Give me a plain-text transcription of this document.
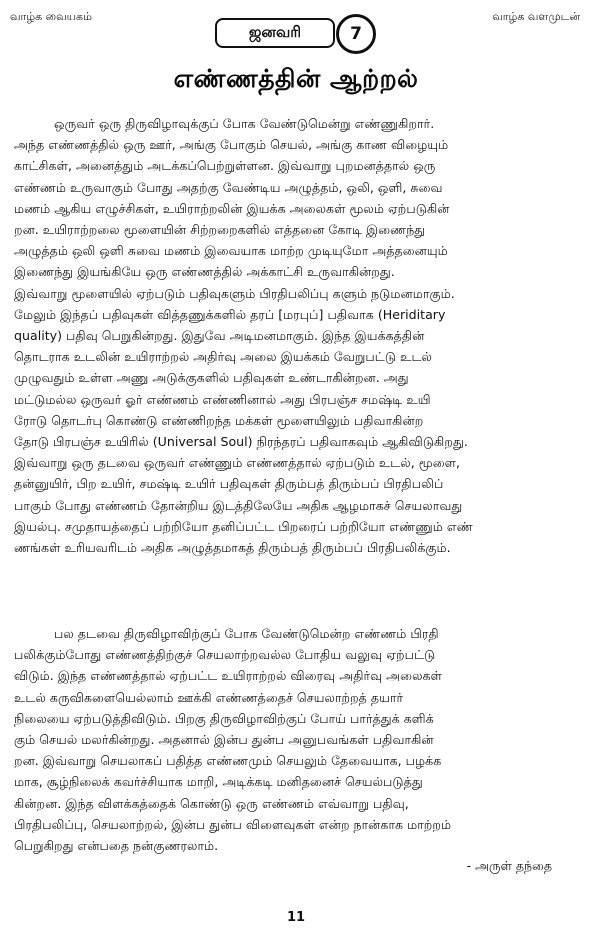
வாழ்க வையகம்
ஜனவரி	7
வாழ்க வளமுடன்
எண்ணத்தின் ஆற்றல்
ஒருவர் ஒரு திருவிழாவுக்குப் போக வேண்டுமென்று எண்ணுகிறார்.
அந்த எண்ணத்தில் ஒரு ஊர், அங்கு போகும் செயல், அங்கு காண விழையும்
காட்சிகள், அனைத்தும் அடக்கப்பெற்றுள்ளன. இவ்வாறு புறமனத்தால் ஒரு
எண்ணம் உருவாகும் போது அதற்கு வேண்டிய அழுத்தம், ஒலி, ஒளி, சுவை
மணம் ஆகிய எழுச்சிகள், உயிராற்றலின் இயக்க அலைகள் மூலம் ஏற்படுகின்
றன. உயிராற்றலை மூளையின் சிற்றறைகளில் எத்தனை கோடி இணைந்து
அழுத்தம் ஒலி ஒளி சுவை மணம் இவையாக மாற்ற முடியுமோ அத்தனையும்
இணைந்து இயங்கியே ஒரு எண்ணத்தில் அக்காட்சி உருவாகின்றது.
இவ்வாறு மூளையில் ஏற்படும் பதிவுகளும் பிரதிபலிப்பு களும் நடுமனமாகும்.
மேலும் இந்தப் பதிவுகள் வித்தணுக்களில் தரப் [மரபுப்] பதிவாக (Heriditary
quality) பதிவு பெறுகின்றது. இதுவே அடிமனமாகும். இந்த இயக்கத்தின்
தொடராக உடலின் உயிராற்றல் அதிர்வு அலை இயக்கம் வேறுபட்டு உடல்
முழுவதும் உள்ள அணு அடுக்குகளில் பதிவுகள் உண்டாகின்றன. அது
மட்டுமல்ல ஒருவர் ஓர் எண்ணம் எண்ணினால் அது பிரபஞ்ச சமஷ்டி உயி
ரோடு தொடர்பு கொண்டு எண்ணிறந்த மக்கள் மூளையிலும் பதிவாகின்ற
தோடு பிரபஞ்ச உயிரில் (Universal Soul) நிரந்தரப் பதிவாகவும் ஆகிவிடுகிறது.
இவ்வாறு ஒரு தடவை ஒருவர் எண்ணும் எண்ணத்தால் ஏற்படும் உடல், மூளை,
தன்னுயிர், பிற உயிர், சமஷ்டி உயிர் பதிவுகள் திரும்பத் திரும்பப் பிரதிபலிப்
பாகும் போது எண்ணம் தோன்றிய இடத்திலேயே அதிக ஆழமாகச் செயலாவது
இயல்பு. சமுதாயத்தைப் பற்றியோ தனிப்பட்ட பிறரைப் பற்றியோ எண்ணும் எண்
ணங்கள் உரியவரிடம் அதிக அழுத்தமாகத் திரும்பத் திரும்பப் பிரதிபலிக்கும்.
பல தடவை திருவிழாவிற்குப் போக வேண்டுமென்ற எண்ணம் பிரதி
பலிக்கும்போது எண்ணத்திற்குச் செயலாற்றவல்ல போதிய வலுவு ஏற்பட்டு
விடும். இந்த எண்ணத்தால் ஏற்பட்ட உயிராற்றல் விரைவு அதிர்வு அலைகள்
உடல் கருவிகளையெல்லாம் ஊக்கி எண்ணத்தைச் செயலாற்றத் தயார்
நிலையை ஏற்படுத்திவிடும். பிறகு திருவிழாவிற்குப் போய் பார்த்துக் களிக்
கும் செயல் மலர்கின்றது. அதனால் இன்ப துன்ப அனுபவங்கள் பதிவாகின்
றன. இவ்வாறு செயலாகப் பதித்த எண்ணமும் செயலும் தேவையாக, பழக்க
மாக, சூழ்நிலைக் கவர்ச்சியாக மாறி, அடிக்கடி மனிதனைச் செயல்படுத்து
கின்றன. இந்த விளக்கத்தைக் கொண்டு ஒரு எண்ணம் எவ்வாறு பதிவு,
பிரதிபலிப்பு, செயலாற்றல், இன்ப துன்ப விளைவுகள் என்ற நான்காக மாற்றம்
பெறுகிறது என்பதை நன்குணரலாம்.
- அருள் தந்தை
11
